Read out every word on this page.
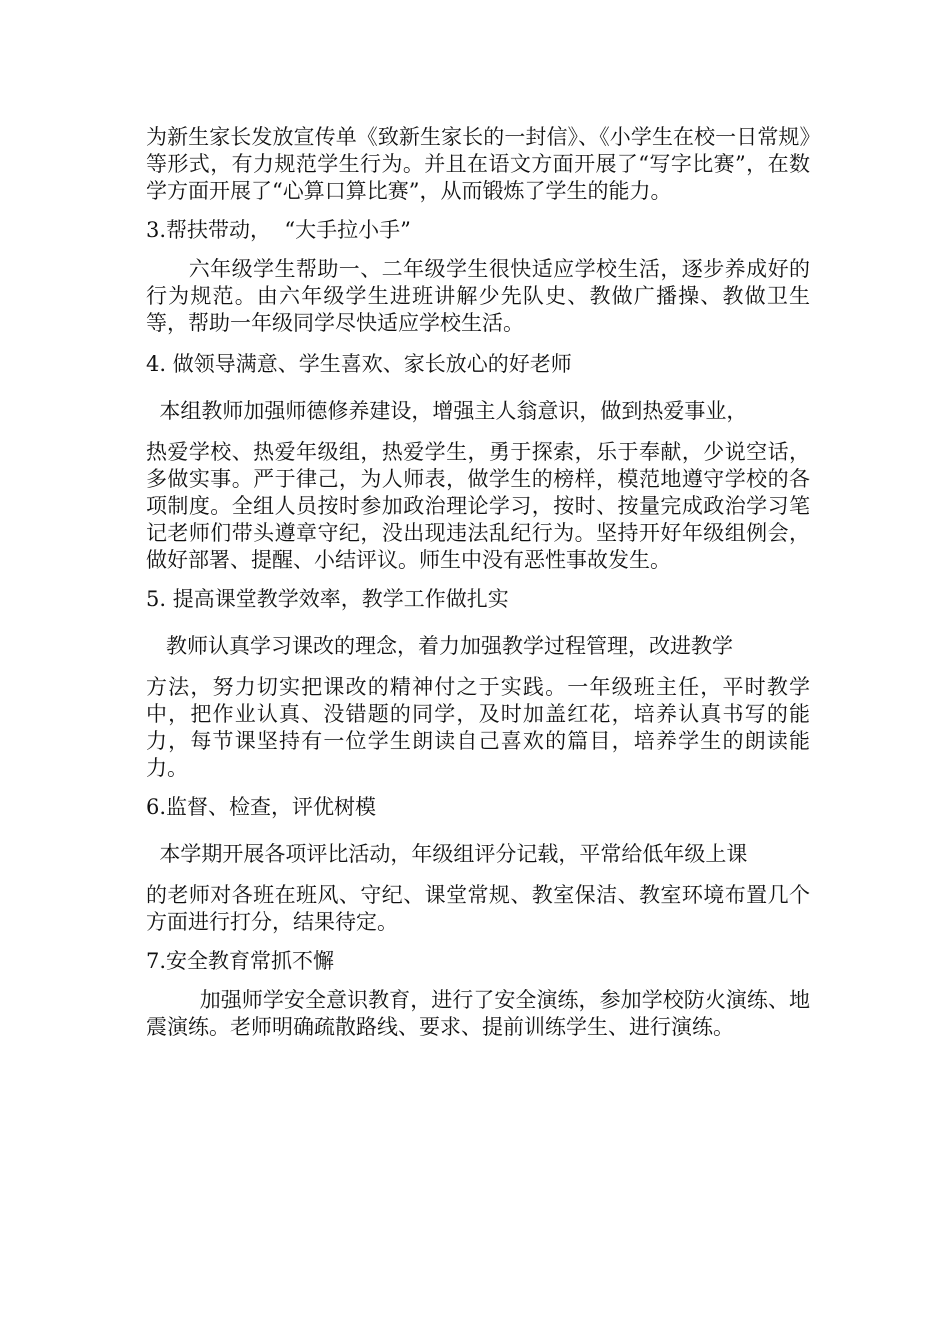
为新生家长发放宣传单《致新生家长的一封信》、《小学生在校一日常规》等形式，有力规范学生行为。并且在语文方面开展了“写字比赛”，在数学方面开展了“心算口算比赛”，从而锻炼了学生的能力。

3.帮扶带动，  “大手拉小手”

六年级学生帮助一、二年级学生很快适应学校生活，逐步养成好的行为规范。由六年级学生进班讲解少先队史、教做广播操、教做卫生等，帮助一年级同学尽快适应学校生活。

4. 做领导满意、学生喜欢、家长放心的好老师

本组教师加强师德修养建设，增强主人翁意识，做到热爱事业，

热爱学校、热爱年级组，热爱学生，勇于探索，乐于奉献，少说空话，多做实事。严于律己，为人师表，做学生的榜样，模范地遵守学校的各项制度。全组人员按时参加政治理论学习，按时、按量完成政治学习笔记老师们带头遵章守纪，没出现违法乱纪行为。坚持开好年级组例会，做好部署、提醒、小结评议。师生中没有恶性事故发生。

5. 提高课堂教学效率，教学工作做扎实

教师认真学习课改的理念，着力加强教学过程管理，改进教学

方法，努力切实把课改的精神付之于实践。一年级班主任，平时教学中，把作业认真、没错题的同学，及时加盖红花，培养认真书写的能力，每节课坚持有一位学生朗读自己喜欢的篇目，培养学生的朗读能力。

6.监督、检查，评优树模

本学期开展各项评比活动，年级组评分记载，平常给低年级上课

的老师对各班在班风、守纪、课堂常规、教室保洁、教室环境布置几个方面进行打分，结果待定。

7.安全教育常抓不懈

加强师学安全意识教育，进行了安全演练，参加学校防火演练、地震演练。老师明确疏散路线、要求、提前训练学生、进行演练。
